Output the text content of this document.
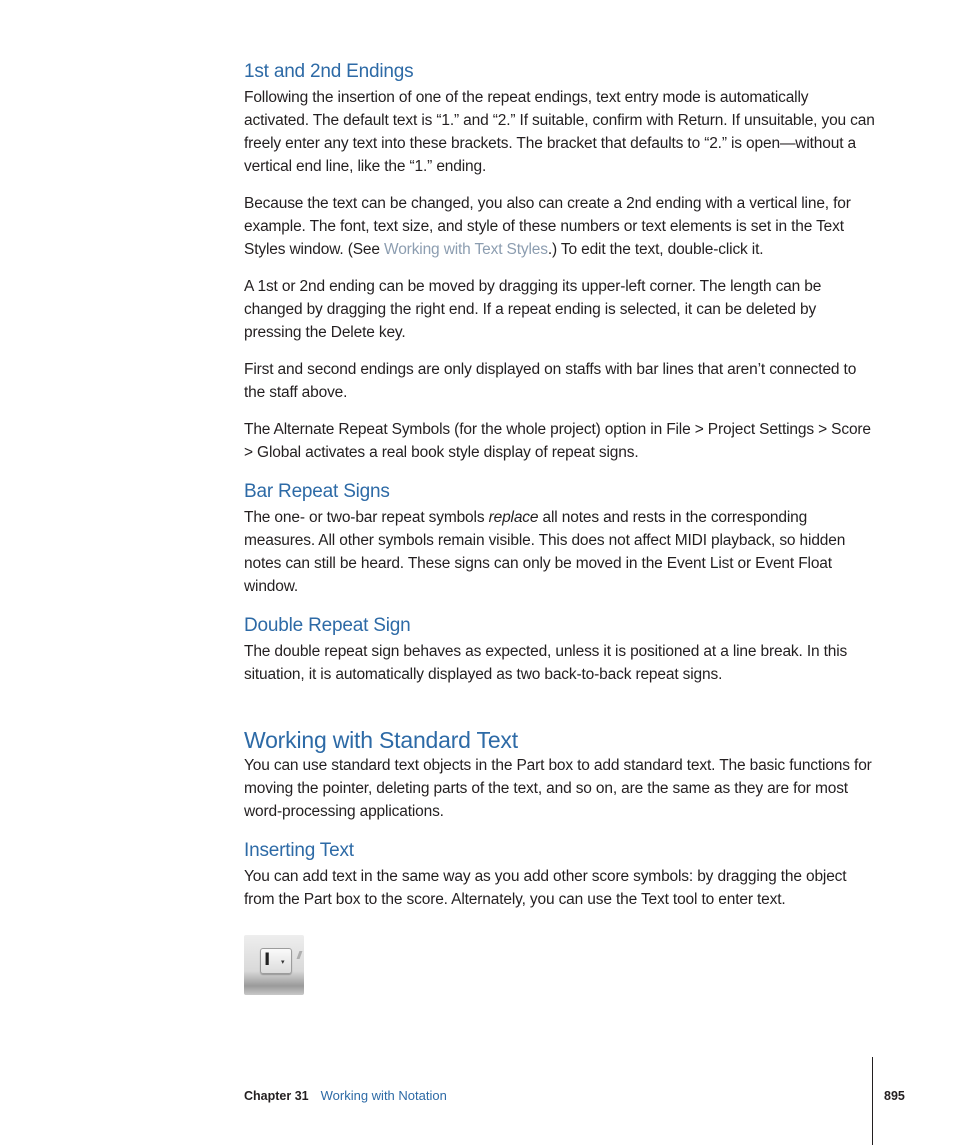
1st and 2nd Endings

Following the insertion of one of the repeat endings, text entry mode is automatically activated. The default text is “1.” and “2.” If suitable, confirm with Return. If unsuitable, you can freely enter any text into these brackets. The bracket that defaults to “2.” is open—without a vertical end line, like the “1.” ending.

Because the text can be changed, you also can create a 2nd ending with a vertical line, for example. The font, text size, and style of these numbers or text elements is set in the Text Styles window. (See Working with Text Styles.) To edit the text, double-click it.

A 1st or 2nd ending can be moved by dragging its upper-left corner. The length can be changed by dragging the right end. If a repeat ending is selected, it can be deleted by pressing the Delete key.

First and second endings are only displayed on staffs with bar lines that aren’t connected to the staff above.

The Alternate Repeat Symbols (for the whole project) option in File > Project Settings > Score > Global activates a real book style display of repeat signs.

Bar Repeat Signs

The one- or two-bar repeat symbols replace all notes and rests in the corresponding measures. All other symbols remain visible. This does not affect MIDI playback, so hidden notes can still be heard. These signs can only be moved in the Event List or Event Float window.

Double Repeat Sign

The double repeat sign behaves as expected, unless it is positioned at a line break. In this situation, it is automatically displayed as two back-to-back repeat signs.

Working with Standard Text

You can use standard text objects in the Part box to add standard text. The basic functions for moving the pointer, deleting parts of the text, and so on, are the same as they are for most word-processing applications.

Inserting Text

You can add text in the same way as you add other score symbols: by dragging the object from the Part box to the score. Alternately, you can use the Text tool to enter text.

I ▾
Chapter 31 Working with Notation	895
